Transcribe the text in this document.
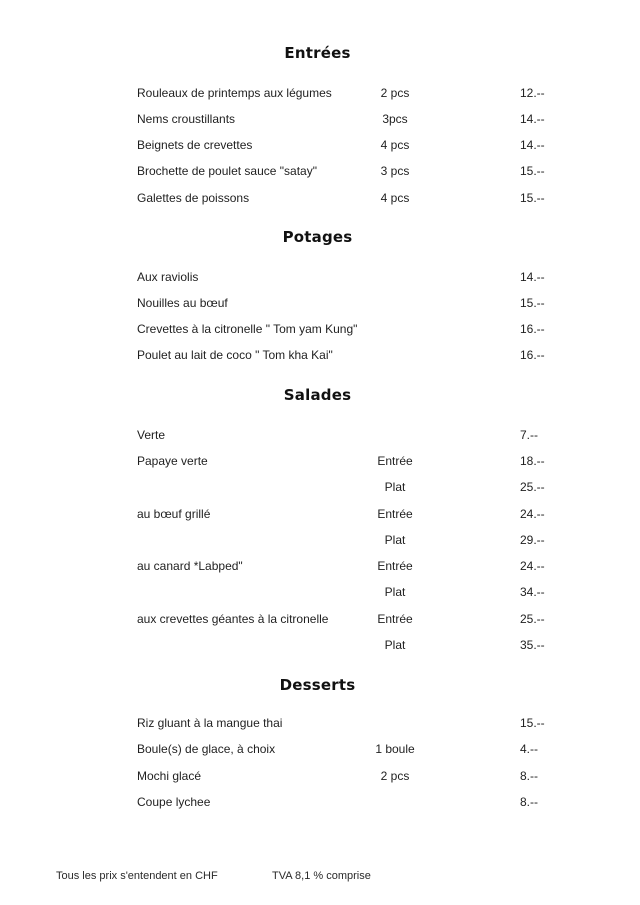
Entrées
Rouleaux de printemps aux légumes	2 pcs	12.--
Nems croustillants	3pcs	14.--
Beignets de crevettes	4 pcs	14.--
Brochette de poulet sauce "satay"	3 pcs	15.--
Galettes de poissons	4 pcs	15.--
Potages
Aux raviolis	14.--
Nouilles au bœuf	15.--
Crevettes à la citronelle " Tom yam Kung"	16.--
Poulet au lait de coco " Tom kha Kai"	16.--
Salades
Verte	7.--
Papaye verte	Entrée	18.--
Plat	25.--
au bœuf grillé	Entrée	24.--
Plat	29.--
au canard *Labped"	Entrée	24.--
Plat	34.--
aux crevettes géantes à la citronelle	Entrée	25.--
Plat	35.--
Desserts
Riz gluant à la mangue thai	15.--
Boule(s) de glace, à choix	1 boule	4.--
Mochi glacé	2 pcs	8.--
Coupe lychee	8.--
Tous les prix s'entendent en CHF	TVA 8,1 % comprise
